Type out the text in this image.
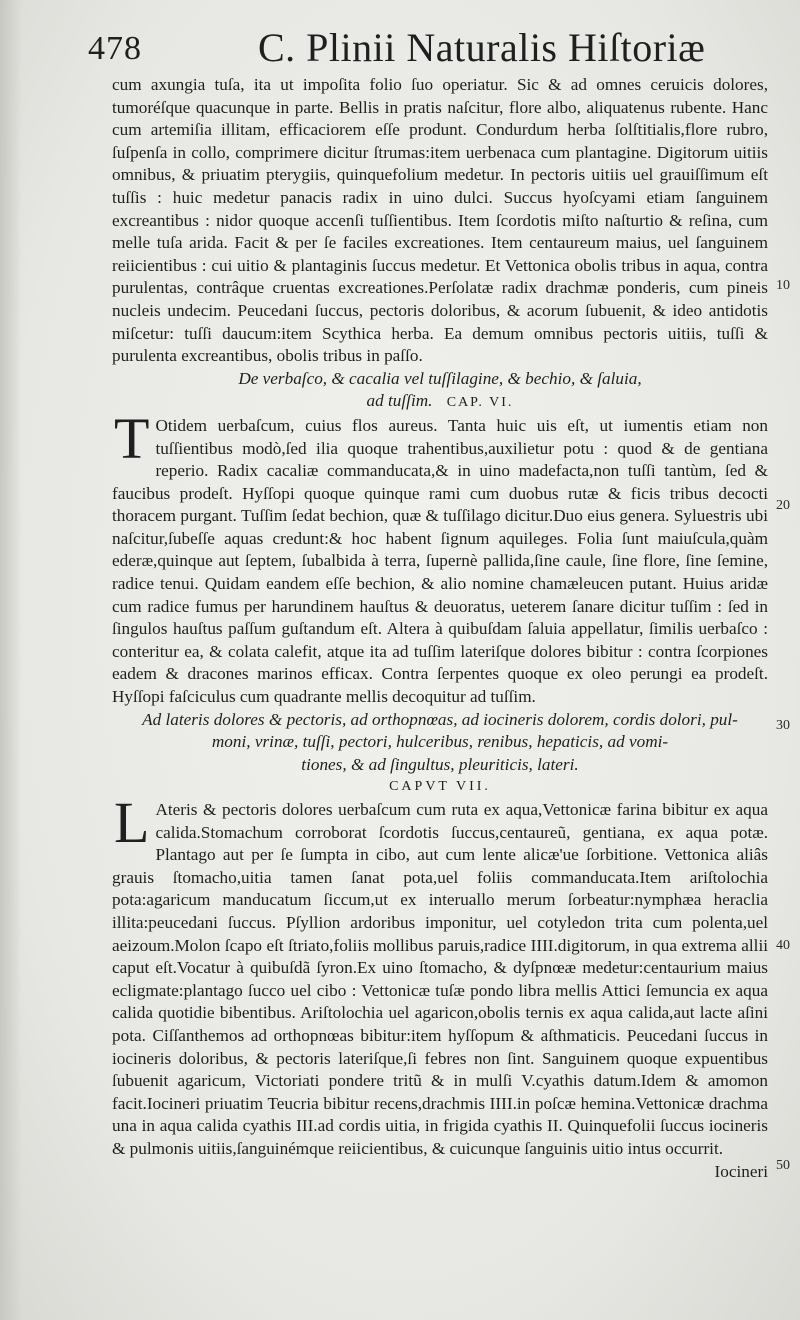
478	C. Plinii Naturalis Hiſtoriæ

cum axungia tuſa, ita ut impoſita folio ſuo operiatur. Sic & ad omnes ceruicis dolores, tumoréſque quacunque in parte. Bellis in pratis naſcitur, flore albo, aliquatenus rubente. Hanc cum artemiſia illitam, efficaciorem eſſe produnt. Condurdum herba ſolſtitialis,flore rubro, ſuſpenſa in collo, comprimere dicitur ſtrumas:item uerbenaca cum plantagine. Digitorum uitiis omnibus, & priuatim pterygiis, quinquefolium medetur. In pectoris uitiis uel grauiſſimum eſt tuſſis : huic medetur panacis radix in uino dulci. Succus hyoſcyami etiam ſanguinem excreantibus : nidor quoque accenſi tuſſientibus. Item ſcordotis miſto naſturtio & reſina, cum melle tuſa arida. Facit & per ſe faciles excreationes. Item centaureum maius, uel ſanguinem reiicientibus : cui uitio & plantaginis ſuccus medetur. Et Vettonica obolis tribus in aqua, contra purulentas, contrâque cruentas excreationes.Perſolatæ radix drachmæ ponderis, cum pineis nucleis undecim. Peucedani ſuccus, pectoris doloribus, & acorum ſubuenit, & ideo antidotis miſcetur: tuſſi daucum:item Scythica herba. Ea demum omnibus pectoris uitiis, tuſſi & purulenta excreantibus, obolis tribus in paſſo.

De verbaſco, & cacalia vel tuſſilagine, & bechio, & ſaluia,
ad tuſſim. CAP. VI.

T Otidem uerbaſcum, cuius flos aureus. Tanta huic uis eſt, ut iumentis etiam non tuſſientibus modò,ſed ilia quoque trahentibus,auxilietur potu : quod & de gentiana reperio. Radix cacaliæ commanducata,& in uino madefacta,non tuſſi tantùm, ſed & faucibus prodeſt. Hyſſopi quoque quinque rami cum duobus rutæ & ficis tribus decocti thoracem purgant. Tuſſim ſedat bechion, quæ & tuſſilago dicitur.Duo eius genera. Syluestris ubi naſcitur,ſubeſſe aquas credunt:& hoc habent ſignum aquileges. Folia ſunt maiuſcula,quàm ederæ,quinque aut ſeptem, ſubalbida à terra, ſupernè pallida,ſine caule, ſine flore, ſine ſemine, radice tenui. Quidam eandem eſſe bechion, & alio nomine chamæleucen putant. Huius aridæ cum radice fumus per harundinem hauſtus & deuoratus, ueterem ſanare dicitur tuſſim : ſed in ſingulos hauſtus paſſum guſtandum eſt. Altera à quibuſdam ſaluia appellatur, ſimilis uerbaſco : conteritur ea, & colata calefit, atque ita ad tuſſim lateriſque dolores bibitur : contra ſcorpiones eadem & dracones marinos efficax. Contra ſerpentes quoque ex oleo perungi ea prodeſt. Hyſſopi faſciculus cum quadrante mellis decoquitur ad tuſſim.

Ad lateris dolores & pectoris, ad orthopnœas, ad iocineris dolorem, cordis dolori, pul-
moni, vrinæ, tuſſi, pectori, hulceribus, renibus, hepaticis, ad vomi-
tiones, & ad ſingultus, pleuriticis, lateri.

CAPVT VII.

L Ateris & pectoris dolores uerbaſcum cum ruta ex aqua,Vettonicæ farina bibitur ex aqua calida.Stomachum corroborat ſcordotis ſuccus,centaureũ, gentiana, ex aqua potæ. Plantago aut per ſe ſumpta in cibo, aut cum lente alicæ'ue ſorbitione. Vettonica aliâs grauis ſtomacho,uitia tamen ſanat pota,uel foliis commanducata.Item ariſtolochia pota:agaricum manducatum ſiccum,ut ex interuallo merum ſorbeatur:nymphæa heraclia illita:peucedani ſuccus. Pſyllion ardoribus imponitur, uel cotyledon trita cum polenta,uel aeizoum.Molon ſcapo eſt ſtriato,foliis mollibus paruis,radice IIII.digitorum, in qua extrema allii caput eſt.Vocatur à quibuſdã ſyron.Ex uino ſtomacho, & dyſpnœæ medetur:centaurium maius ecligmate:plantago ſucco uel cibo : Vettonicæ tuſæ pondo libra mellis Attici ſemuncia ex aqua calida quotidie bibentibus. Ariſtolochia uel agaricon,obolis ternis ex aqua calida,aut lacte aſini pota. Ciſſanthemos ad orthopnœas bibitur:item hyſſopum & aſthmaticis. Peucedani ſuccus in iocineris doloribus, & pectoris lateriſque,ſi febres non ſint. Sanguinem quoque expuentibus ſubuenit agaricum, Victoriati pondere tritũ & in mulſi V.cyathis datum.Idem & amomon facit.Iocineri priuatim Teucria bibitur recens,drachmis IIII.in poſcæ hemina.Vettonicæ drachma una in aqua calida cyathis III.ad cordis uitia, in frigida cyathis II. Quinquefolii ſuccus iocineris & pulmonis uitiis,ſanguinémque reiicientibus, & cuicunque ſanguinis uitio intus occurrit.

Iocineri

10
20
30
40
50
